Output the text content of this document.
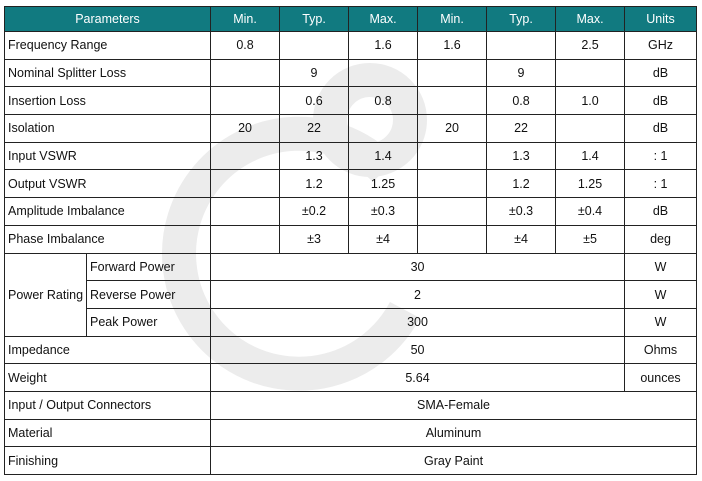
Parameters		Min.	Typ.	Max.	Min.	Typ.	Max.	Units
Frequency Range		0.8		1.6	1.6		2.5	GHz
Nominal Splitter Loss			9			9		dB
Insertion Loss			0.6	0.8		0.8	1.0	dB
Isolation		20	22		20	22		dB
Input VSWR			1.3	1.4		1.3	1.4	: 1
Output VSWR			1.2	1.25		1.2	1.25	: 1
Amplitude Imbalance			±0.2	±0.3		±0.3	±0.4	dB
Phase Imbalance			±3	±4		±4	±5	deg
Power Rating	Forward Power	30						W
	Reverse Power	2						W
	Peak Power	300						W
Impedance		50						Ohms
Weight		5.64						ounces
Input / Output Connectors		SMA-Female						
Material		Aluminum						
Finishing		Gray Paint						
